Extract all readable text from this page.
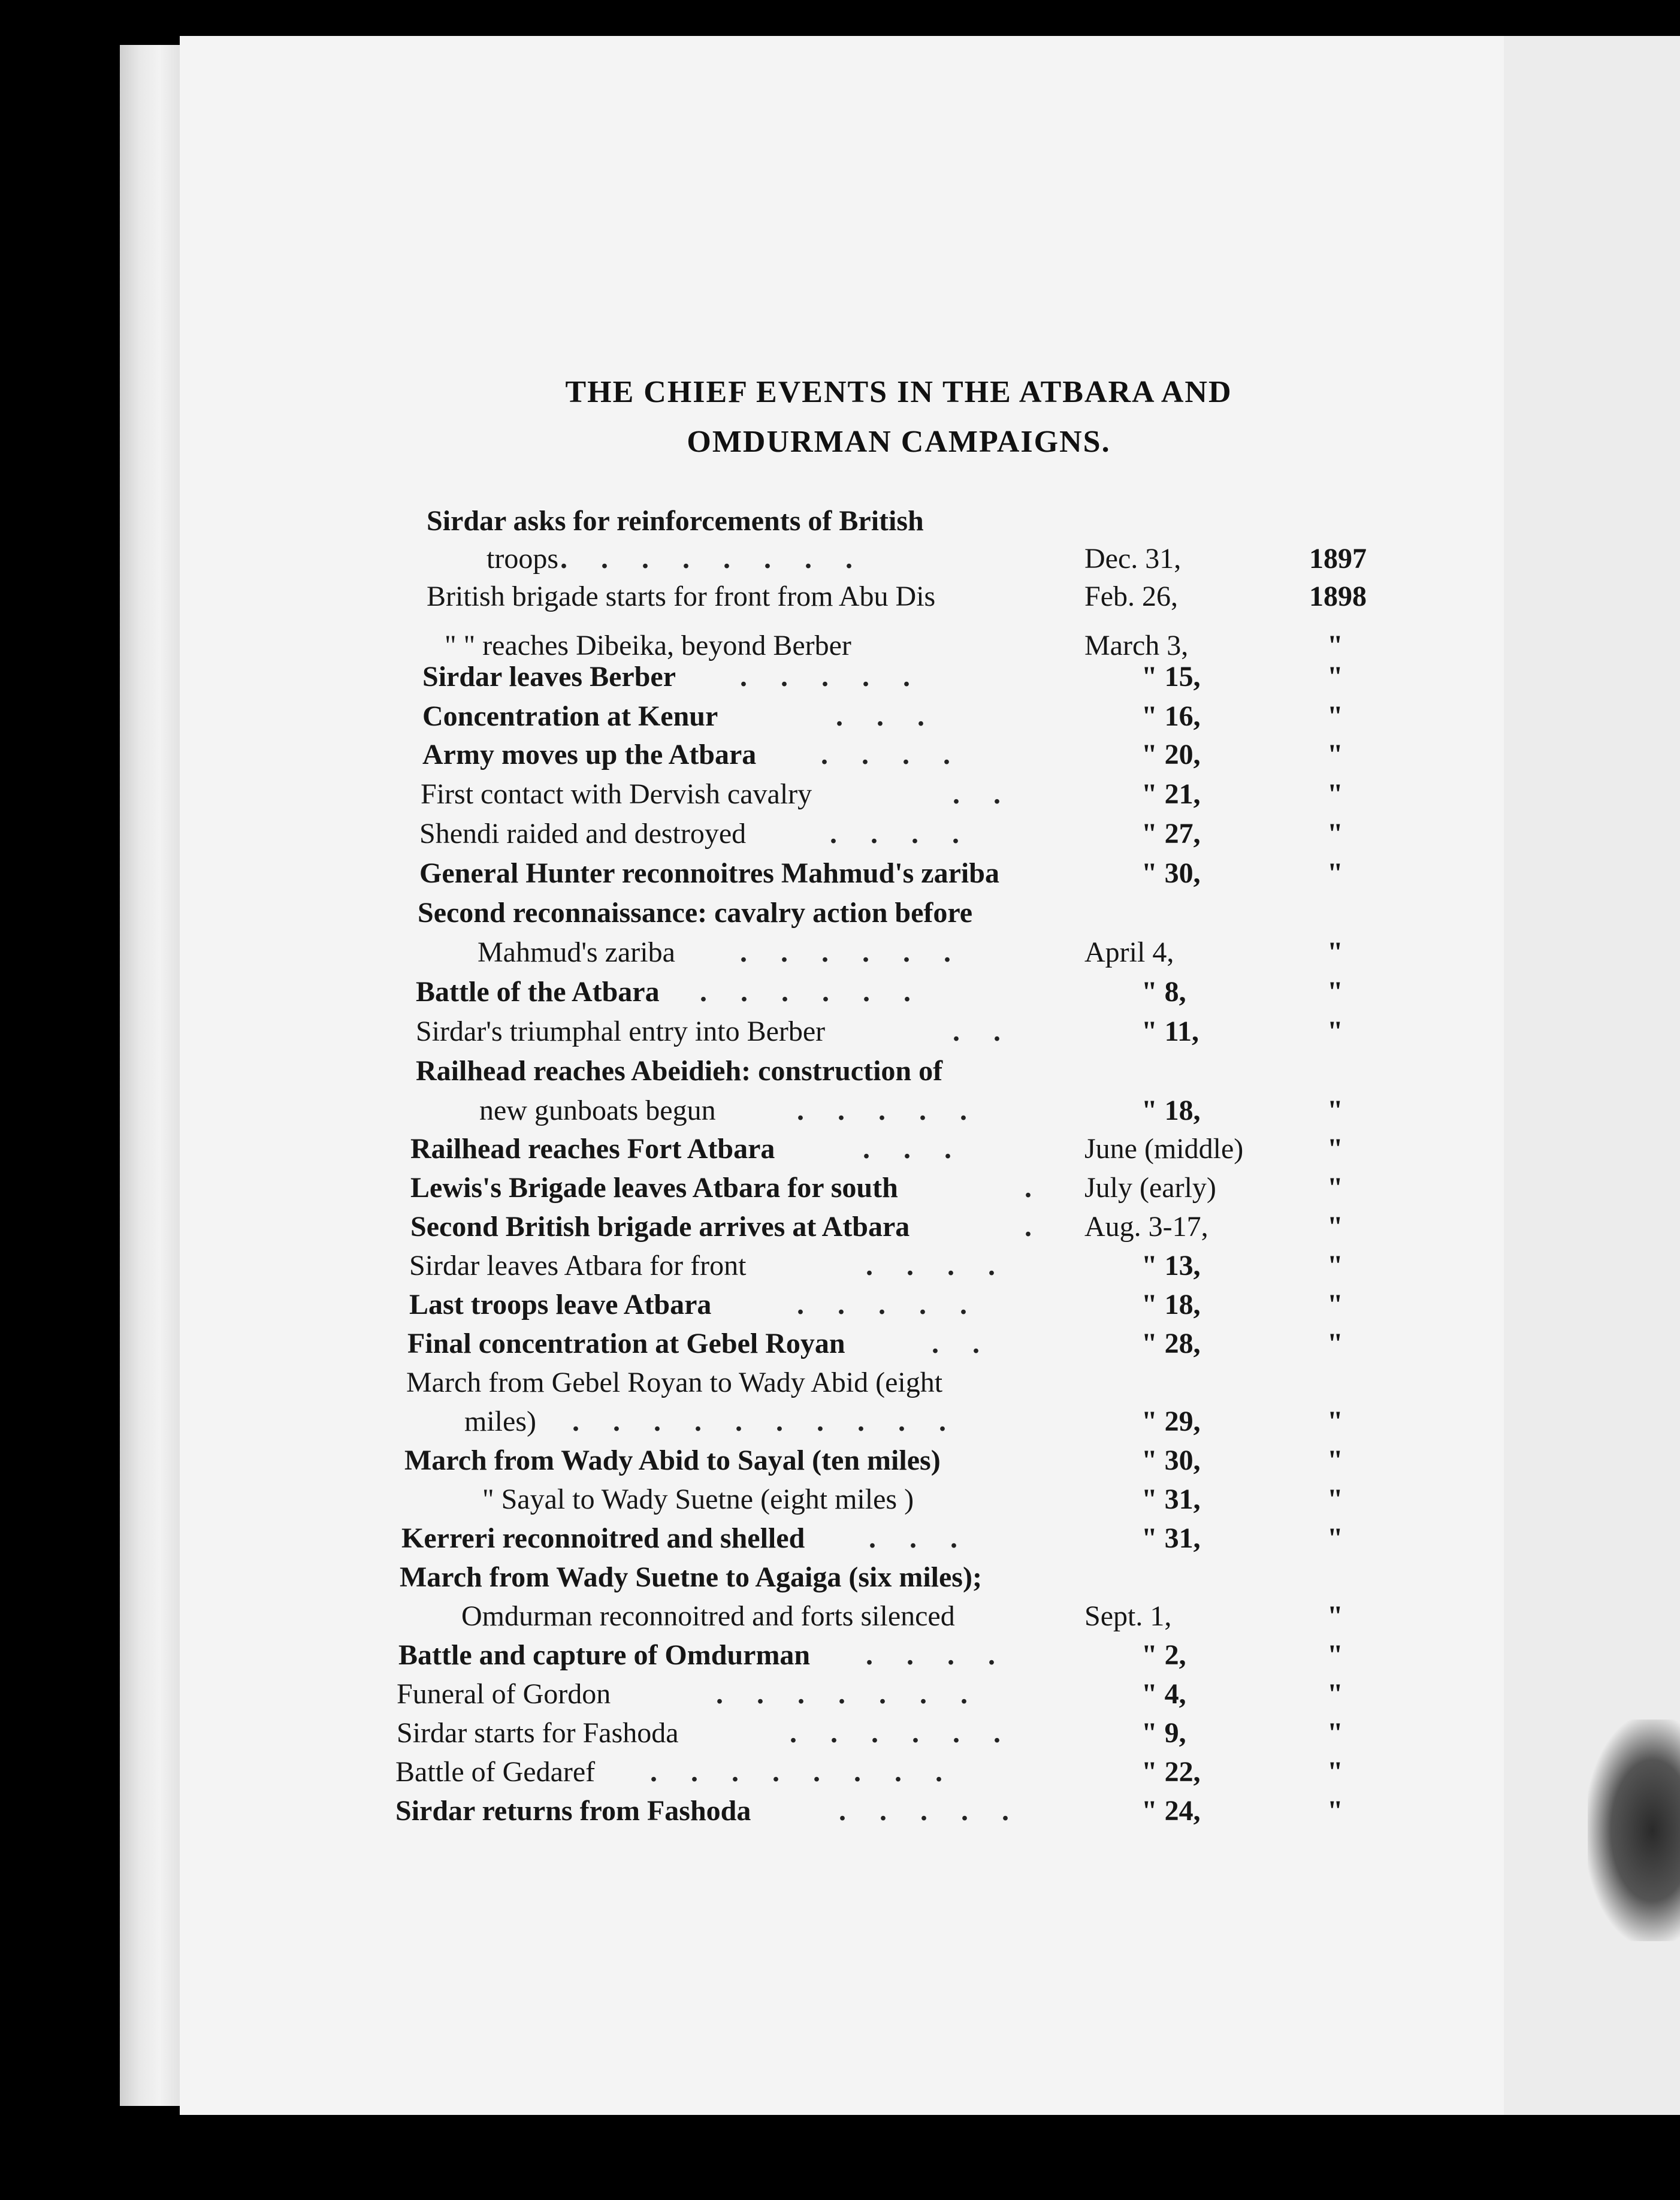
THE CHIEF EVENTS IN THE ATBARA AND
OMDURMAN CAMPAIGNS.
Sirdar asks for reinforcements of British
troops . . . . . . . .	Dec. 31,	1897
British brigade starts for front from Abu Dis	Feb. 26,	1898
" " reaches Dibeika, beyond Berber	March 3,	"
Sirdar leaves Berber . . . . .	" 15,	"
Concentration at Kenur	. . .	" 16,	"
Army moves up the Atbara . . . .	" 20,	"
First contact with Dervish cavalry	. .	" 21,	"
Shendi raided and destroyed	. . . .	" 27,	"
General Hunter reconnoitres Mahmud's zariba	" 30,	"
Second reconnaissance: cavalry action before
Mahmud's zariba . . . . . .	April 4,	"
Battle of the Atbara . . . . . .	" 8,	"
Sirdar's triumphal entry into Berber	. .	" 11,	"
Railhead reaches Abeidieh: construction of
new gunboats begun	. . . . .	" 18,	"
Railhead reaches Fort Atbara	. . .	June (middle)	"
Lewis's Brigade leaves Atbara for south	. July (early)	"
Second British brigade arrives at Atbara	. Aug. 3-17,	"
Sirdar leaves Atbara for front	. . . .	" 13,	"
Last troops leave Atbara	. . . . .	" 18,	"
Final concentration at Gebel Royan	. .	" 28,	"
March from Gebel Royan to Wady Abid (eight
miles) . . . . . . . . . .	" 29,	"
March from Wady Abid to Sayal (ten miles)	" 30,	"
" Sayal to Wady Suetne (eight miles )	" 31,	"
Kerreri reconnoitred and shelled . . .	" 31,	"
March from Wady Suetne to Agaiga (six miles);
Omdurman reconnoitred and forts silenced	Sept. 1,	"
Battle and capture of Omdurman . . . .	" 2,	"
Funeral of Gordon	. . . . . . .	" 4,	"
Sirdar starts for Fashoda	. . . . . .	" 9,	"
Battle of Gedaref . . . . . . . .	" 22,	"
Sirdar returns from Fashoda	. . . . .	" 24,	"
